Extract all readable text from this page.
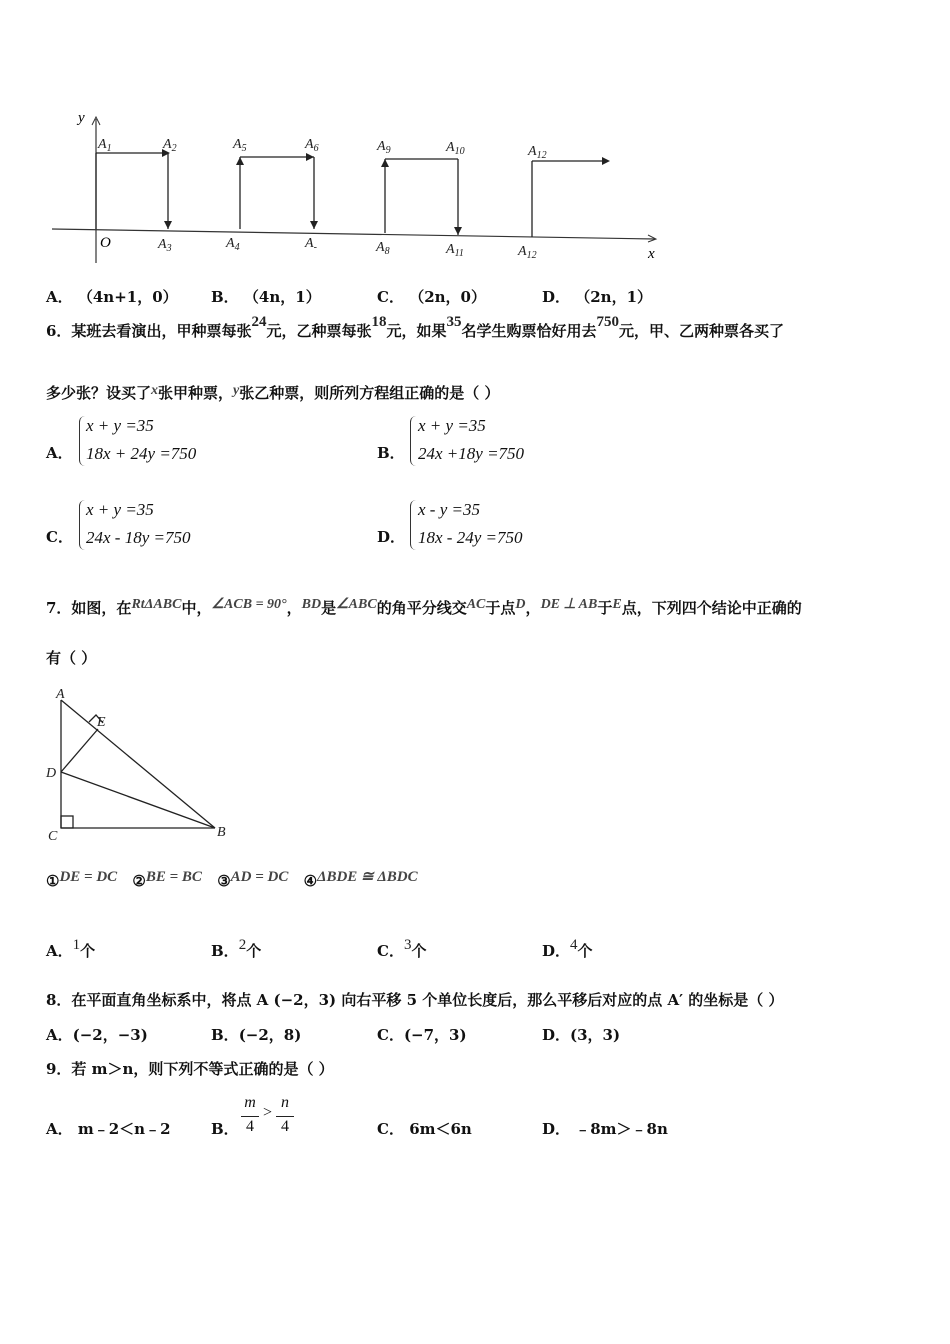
y
x
O
$A_1$	$A_2$
$A_3$	$A_4$
$A_5$	$A_6$
$A_-$	$A_8$
$A_9$	$A_{10}$
$A_{11}$
$A_{12}$
$A_{12}$
A． （4n+1，0） B． （4n，1）	C． （2n，0）	D． （2n，1）
6．某班去看演出，甲种票每张24元，乙种票每张18元，如果35名学生购票恰好用去750元，甲、乙两种票各买了
多少张？设买了x张甲种票，y张乙种票，则所列方程组正确的是（ ）
A．
x + y =35
18x + 24y =750	B．
x + y =35
24x +18y =750
C．
x + y =35
24x - 18y =750	D．
x - y =35
18x - 24y =750
7．如图，在RtΔABC中，∠ACB = 90°，BD是∠ABC的角平分线交AC于点D，DE ⊥ AB于E点，下列四个结论中正确的
有（ ）
A
E
D
C	B
①DE = DC ②BE = BC ③AD = DC ④ΔBDE ≅ ΔBDC
A．1个	B．2个	C．3个	D．4个
8．在平面直角坐标系中，将点 A (−2，3) 向右平移 5 个单位长度后，那么平移后对应的点 A′ 的坐标是（ ）
A．(−2，−3)	B．(−2，8)	C．(−7，3)	D．(3，3)
9．若 m＞n，则下列不等式正确的是（ ）
A． m﹣2＜n﹣2	B．
m
4
>
n
4	C． 6m＜6n	D． ﹣8m＞﹣8n
